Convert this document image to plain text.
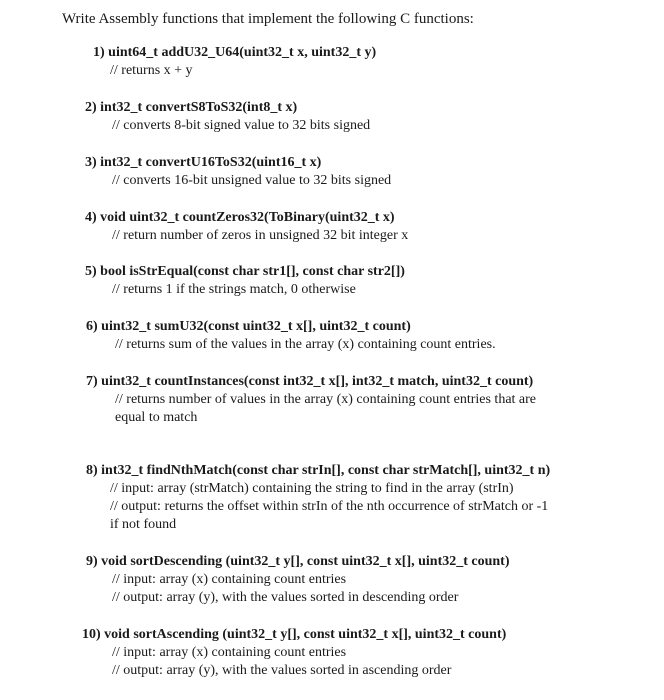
Write Assembly functions that implement the following C functions:
1) uint64_t addU32_U64(uint32_t x, uint32_t y)
// returns x + y
2) int32_t convertS8ToS32(int8_t x)
// converts 8-bit signed value to 32 bits signed
3) int32_t convertU16ToS32(uint16_t x)
// converts 16-bit unsigned value to 32 bits signed
4) void uint32_t countZeros32(ToBinary(uint32_t x)
// return number of zeros in unsigned 32 bit integer x
5) bool isStrEqual(const char str1[], const char str2[])
// returns 1 if the strings match, 0 otherwise
6) uint32_t sumU32(const uint32_t x[], uint32_t count)
// returns sum of the values in the array (x) containing count entries.
7) uint32_t countInstances(const int32_t x[], int32_t match, uint32_t count)
// returns number of values in the array (x) containing count entries that are
equal to match
8) int32_t findNthMatch(const char strIn[], const char strMatch[], uint32_t n)
// input: array (strMatch) containing the string to find in the array (strIn)
// output: returns the offset within strIn of the nth occurrence of strMatch or -1
if not found
9) void sortDescending (uint32_t y[], const uint32_t x[], uint32_t count)
// input: array (x) containing count entries
// output: array (y), with the values sorted in descending order
10) void sortAscending (uint32_t y[], const uint32_t x[], uint32_t count)
// input: array (x) containing count entries
// output: array (y), with the values sorted in ascending order
